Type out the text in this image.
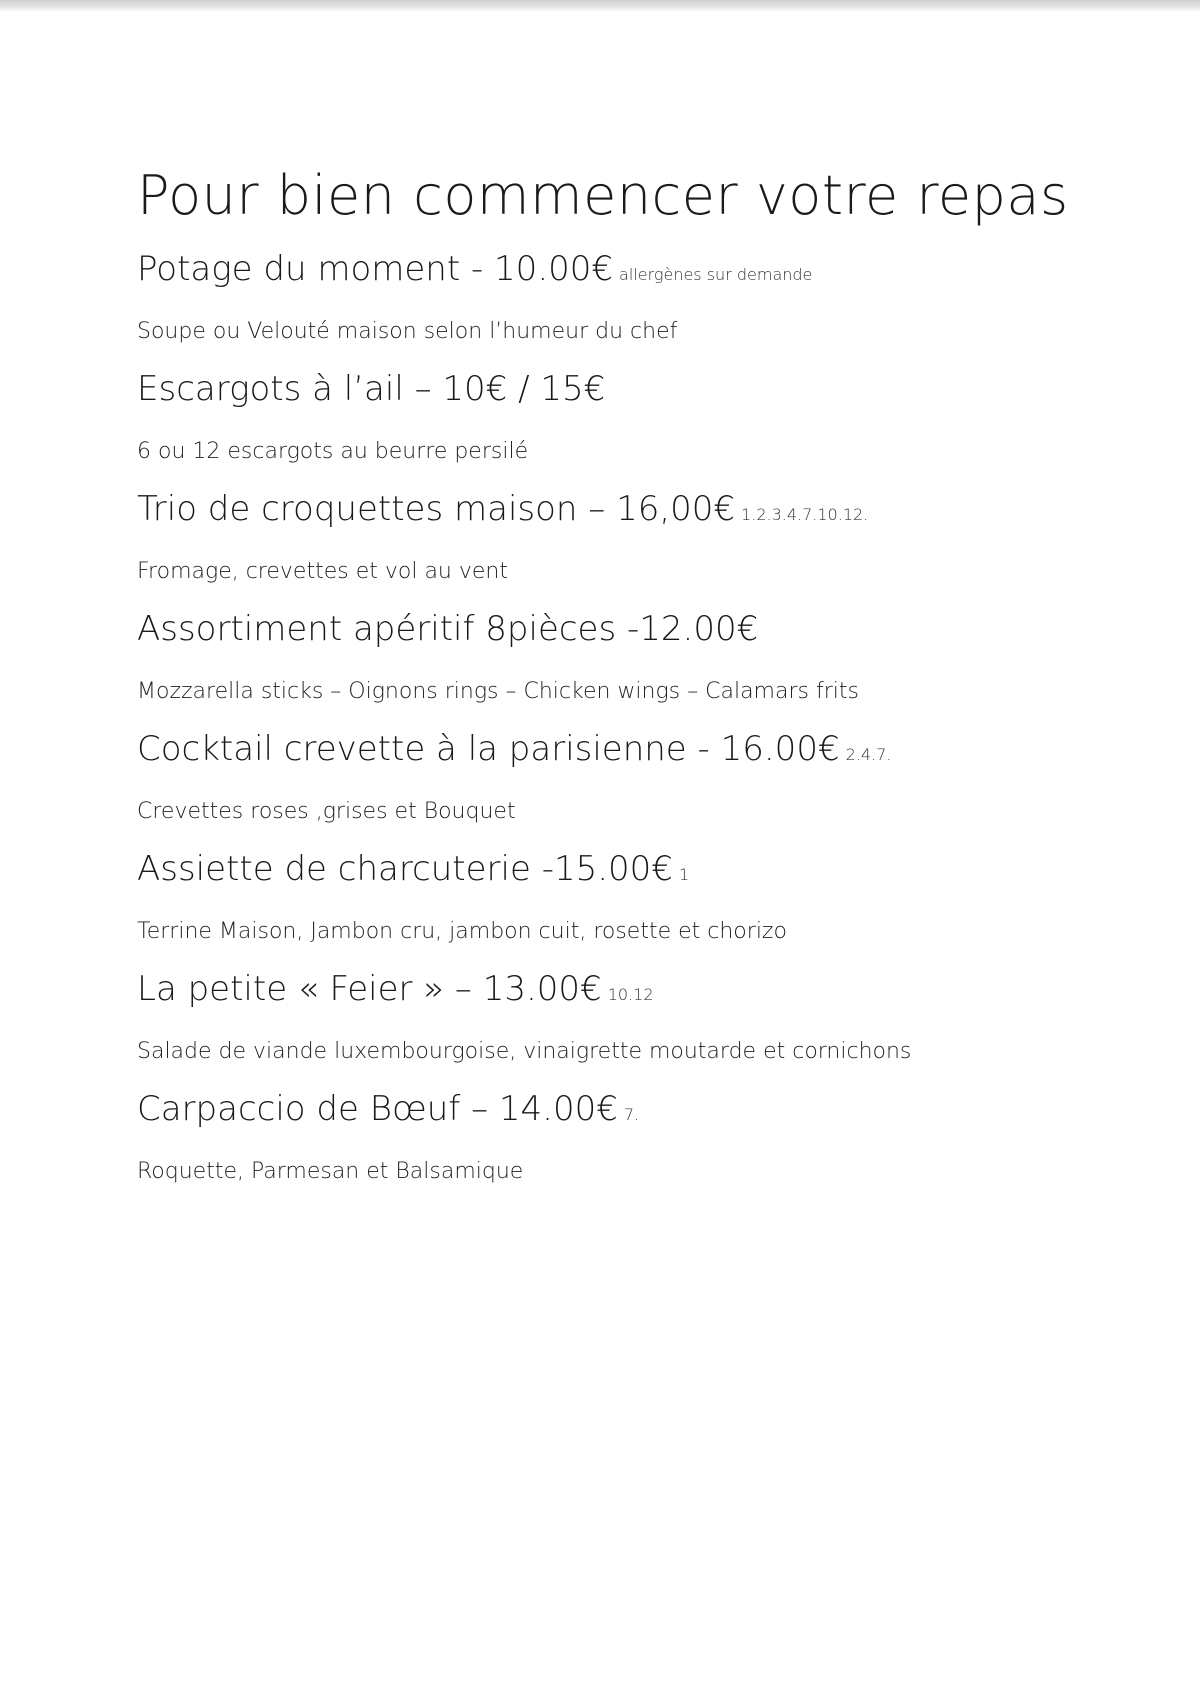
Pour bien commencer votre repas

Potage du moment - 10.00€ allergènes sur demande

Soupe ou Velouté maison selon l’humeur du chef

Escargots à l’ail – 10€ / 15€

6 ou 12 escargots au beurre persilé

Trio de croquettes maison – 16,00€ 1.2.3.4.7.10.12.

Fromage, crevettes et vol au vent

Assortiment apéritif 8pièces -12.00€

Mozzarella sticks – Oignons rings – Chicken wings – Calamars frits

Cocktail crevette à la parisienne - 16.00€ 2.4.7.

Crevettes roses ,grises et Bouquet

Assiette de charcuterie -15.00€ 1

Terrine Maison, Jambon cru, jambon cuit, rosette et chorizo

La petite « Feier » – 13.00€ 10.12

Salade de viande luxembourgoise, vinaigrette moutarde et cornichons

Carpaccio de Bœuf – 14.00€ 7.

Roquette, Parmesan et Balsamique
